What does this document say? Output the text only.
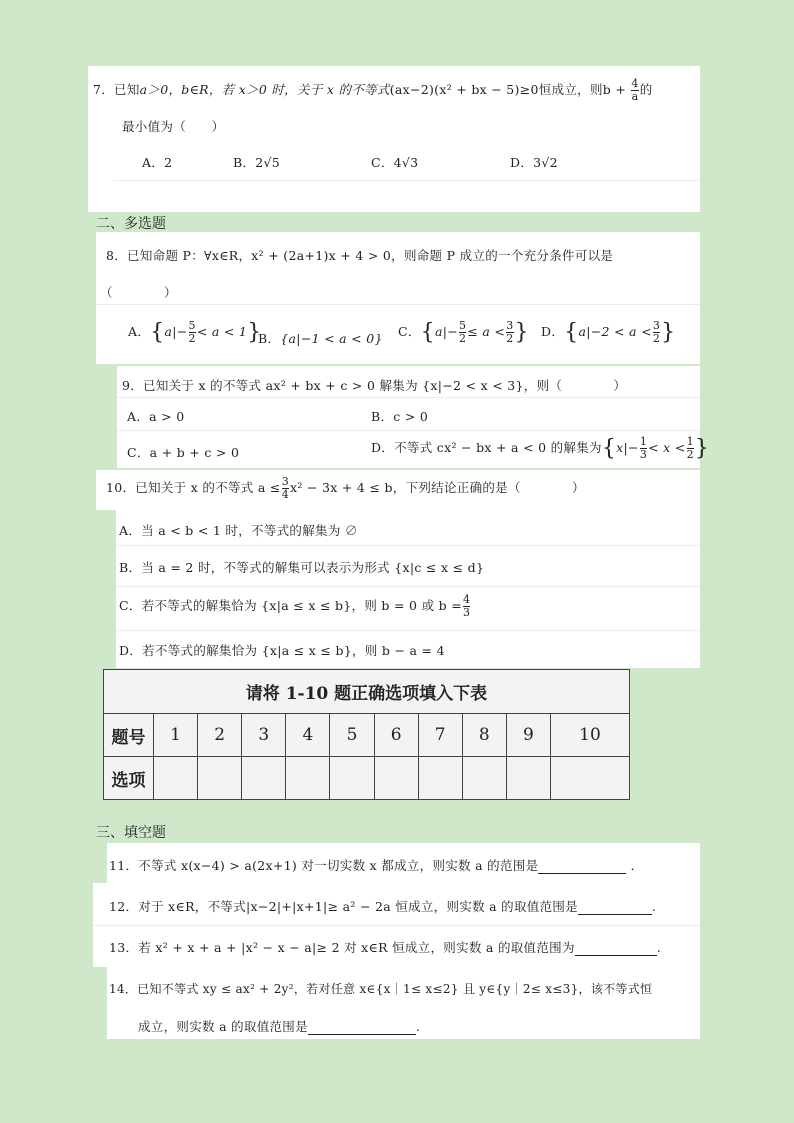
7．已知a＞0，b∈R，若 x＞0 时，关于 x 的不等式(ax−2)(x² + bx − 5)≥0恒成立，则$b + \frac{4}{a}$ 的
最小值为（　　）
A．2	B．2√5	C．4√3	D．3√2
二、多选题
8．已知命题 P：∀x∈R，x² + (2a+1)x + 4 > 0，则命题 P 成立的一个充分条件可以是
（　　　　）
A．$\{a|- \frac{5}{2} < a < 1\}$
B．{a|−1 < a < 0} C．{$a|- \frac{5}{2} \le a < \frac{3}{2}$ } D．{$a|-2 < a < \frac{3}{2}$ }
9．已知关于 x 的不等式 ax² + bx + c > 0 解集为 {x|−2 < x < 3}，则（　　　　）
A．a > 0	B．c > 0
C．a + b + c > 0	D．不等式 cx² − bx + a < 0 的解集为{$x|- \frac{1}{3} < x < \frac{1}{2}$ }
10．已知关于 x 的不等式 $a \le \frac{3}{4} x^2 - 3x + 4 \le b$，下列结论正确的是（　　　　）
A．当 a < b < 1 时，不等式的解集为 ∅
B．当 a = 2 时，不等式的解集可以表示为形式 {x|c ≤ x ≤ d}
C．若不等式的解集恰为 {x|a ≤ x ≤ b}，则 b = 0 或 $b = \frac{4}{3}$
D．若不等式的解集恰为 {x|a ≤ x ≤ b}，则 b − a = 4
请将 1-10 题正确选项填入下表										
题号	1	2	3	4	5	6	7	8	9	10
选项										
三、填空题
11．不等式 x(x−4) > a(2x+1) 对一切实数 x 都成立，则实数 a 的范围是	．
12．对于 x∈R，不等式|x−2|+|x+1|≥ a² − 2a 恒成立，则实数 a 的取值范围是	.
13．若 x² + x + a + |x² − x − a|≥ 2 对 x∈R 恒成立，则实数 a 的取值范围为	.
14．已知不等式 xy ≤ ax² + 2y²，若对任意 x∈{x｜1≤ x≤2} 且 y∈{y｜2≤ x≤3}，该不等式恒
成立，则实数 a 的取值范围是	.
